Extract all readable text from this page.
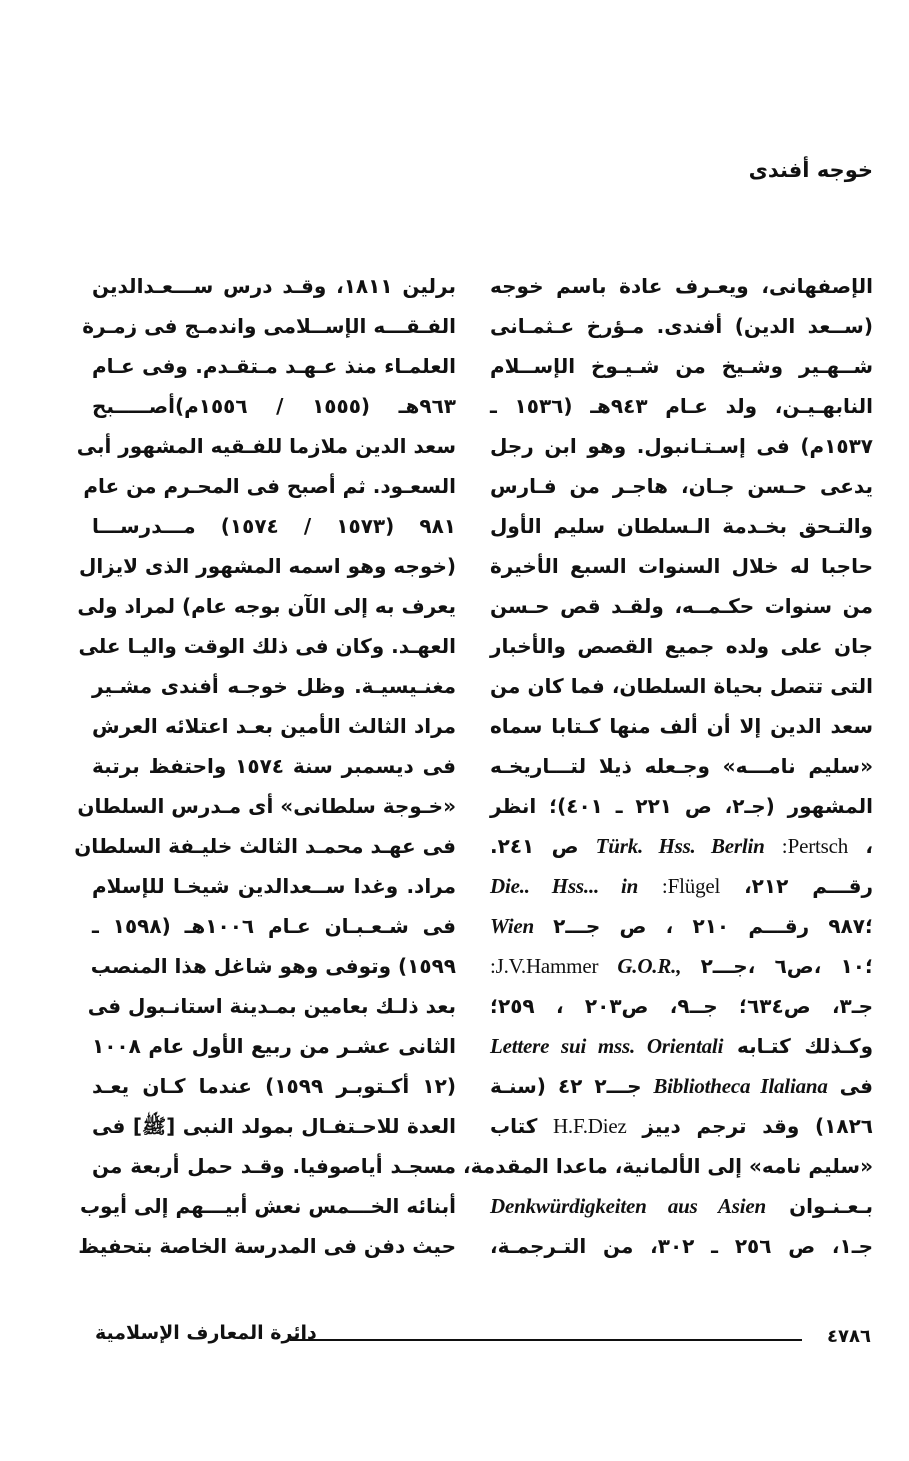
خوجه أفندى
الإصفهانى، ويعـرف عادة باسم خوجه
(ســعد الدين) أفندى. مـؤرخ عـثمـانى
شــهـير وشـيخ من شـيـوخ الإســلام
النابهـيـن، ولد عـام ٩٤٣هـ (١٥٣٦ ـ
١٥٣٧م) فى إسـتـانبول. وهو ابن رجل
يدعى حـسن جـان، هاجـر من فـارس
والتـحق بخـدمة الـسلطان سليم الأول
حاجبا له خلال السنوات السبع الأخيرة
من سنوات حكـمــه، ولقـد قص حـسن
جان على ولده جميع القصص والأخبار
التى تتصل بحياة السلطان، فما كان من
سعد الدين إلا أن ألف منها كـتابا سماه
«سليم نامـــه» وجـعله ذيلا لتـــاريخـه
المشهور (جـ٢، ص ٢٢١ ـ ٤٠١)؛ انظر
، :Pertsch Türk. Hss. Berlin ص ٢٤١.
رقـــم ٢١٢، :Flügel Die.. Hss... in
؛٩٨٧ رقـــم ٢١٠ ، ص جـــ٢ Wien
؛١٠ ،ص٦ ،جـــ٢ G.O.R., :J.V.Hammer
جـ٣، ص٦٣٤؛ جــ٩، ص٢٠٣ ، ٢٥٩؛
وكـذلك كتـابه Lettere sui mss. Orientali
فى Bibliotheca Ilaliana جـــ٢ ٤٢ (سنـة
١٨٢٦) وقد ترجم دييز H.F.Diez كتاب
«سليم نامه» إلى الألمانية، ماعدا المقدمة،
بـعـنـوان Denkwürdigkeiten aus Asien
جـ١، ص ٢٥٦ ـ ٣٠٢، من التـرجمـة،
برلين ١٨١١، وقـد درس ســـعـدالدين
الفـقـــه الإســلامى واندمـج فى زمـرة
العلمـاء منذ عـهـد مـتقـدم. وفى عـام
٩٦٣هـ (١٥٥٥ / ١٥٥٦م)أصـــــبح
سعد الدين ملازما للفـقيه المشهور أبى
السعـود. ثم أصبح فى المحـرم من عام
٩٨١ (١٥٧٣ / ١٥٧٤) مـــدرســـا
(خوجه وهو اسمه المشهور الذى لايزال
يعرف به إلى الآن بوجه عام) لمراد ولى
العهـد. وكان فى ذلك الوقت واليـا على
مغنـيسيـة. وظل خوجـه أفندى مشـير
مراد الثالث الأمين بعـد اعتلائه العرش
فى ديسمبر سنة ١٥٧٤ واحتفظ برتبة
«خـوجة سلطانى» أى مـدرس السلطان
فى عهـد محمـد الثالث خليـفة السلطان
مراد. وغدا ســعدالدين شيخـا للإسلام
فى شـعـبـان عـام ١٠٠٦هـ (١٥٩٨ ـ
١٥٩٩) وتوفى وهو شاغل هذا المنصب
بعد ذلـك بعامين بمـدينة استانـبول فى
الثانى عشـر من ربيع الأول عام ١٠٠٨
(١٢ أكـتوبـر ١٥٩٩) عندما كـان يعـد
العدة للاحـتفـال بمولد النبى [ﷺ] فى
مسجـد أياصوفيا. وقـد حمل أربعة من
أبنائه الخـــمس نعش أبيـــهم إلى أيوب
حيث دفن فى المدرسة الخاصة بتحفيظ
٤٧٨٦
دائرة المعارف الإسلامية
